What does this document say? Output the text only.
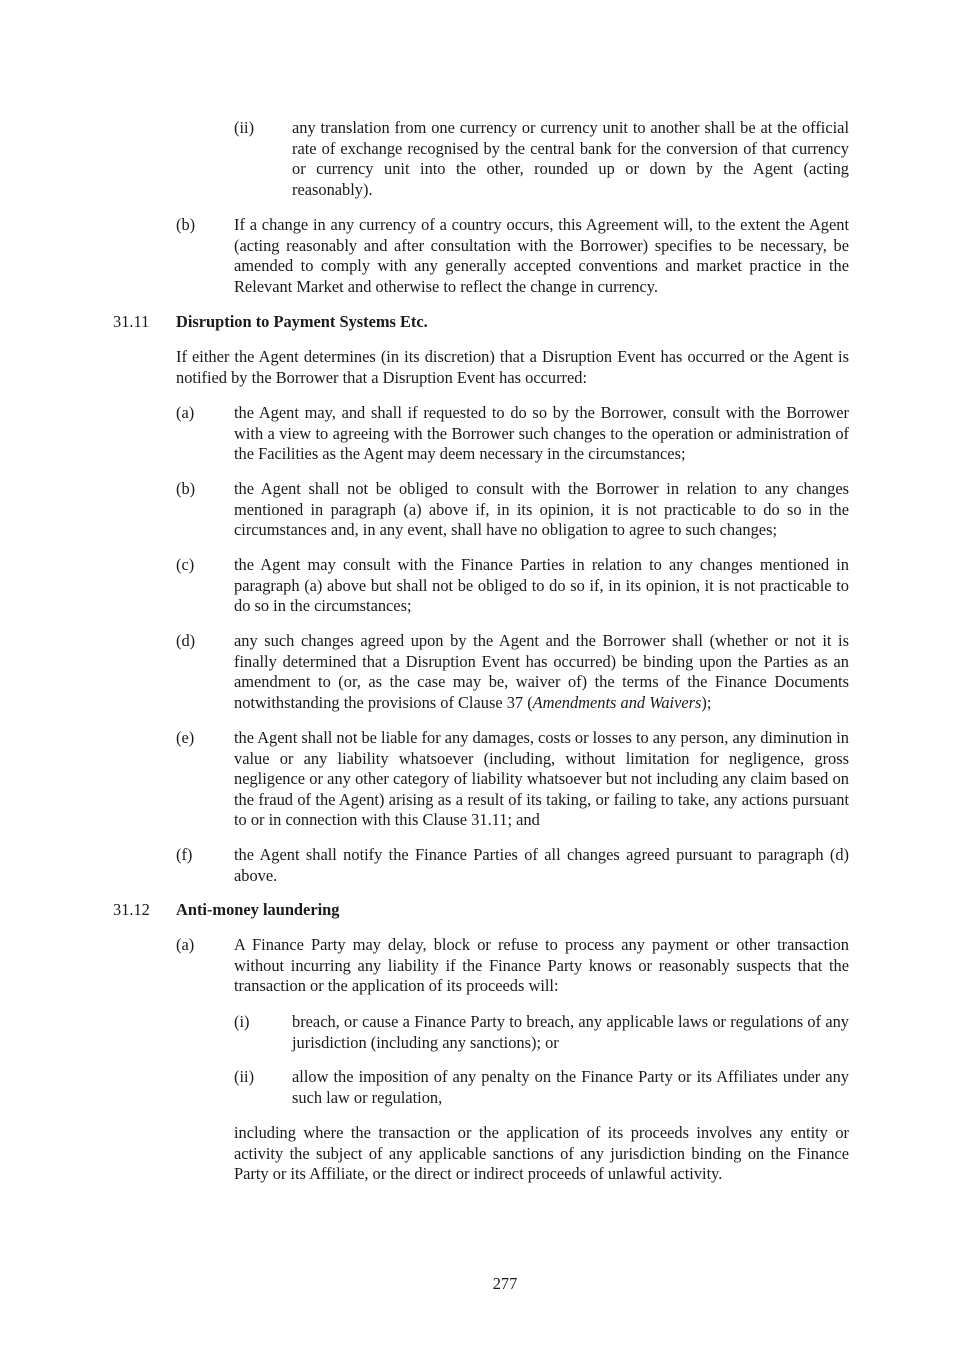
(ii) any translation from one currency or currency unit to another shall be at the official rate of exchange recognised by the central bank for the conversion of that currency or currency unit into the other, rounded up or down by the Agent (acting reasonably).

(b) If a change in any currency of a country occurs, this Agreement will, to the extent the Agent (acting reasonably and after consultation with the Borrower) specifies to be necessary, be amended to comply with any generally accepted conventions and market practice in the Relevant Market and otherwise to reflect the change in currency.

31.11 Disruption to Payment Systems Etc.

If either the Agent determines (in its discretion) that a Disruption Event has occurred or the Agent is notified by the Borrower that a Disruption Event has occurred:

(a) the Agent may, and shall if requested to do so by the Borrower, consult with the Borrower with a view to agreeing with the Borrower such changes to the operation or administration of the Facilities as the Agent may deem necessary in the circumstances;

(b) the Agent shall not be obliged to consult with the Borrower in relation to any changes mentioned in paragraph (a) above if, in its opinion, it is not practicable to do so in the circumstances and, in any event, shall have no obligation to agree to such changes;

(c) the Agent may consult with the Finance Parties in relation to any changes mentioned in paragraph (a) above but shall not be obliged to do so if, in its opinion, it is not practicable to do so in the circumstances;

(d) any such changes agreed upon by the Agent and the Borrower shall (whether or not it is finally determined that a Disruption Event has occurred) be binding upon the Parties as an amendment to (or, as the case may be, waiver of) the terms of the Finance Documents notwithstanding the provisions of Clause 37 (Amendments and Waivers);

(e) the Agent shall not be liable for any damages, costs or losses to any person, any diminution in value or any liability whatsoever (including, without limitation for negligence, gross negligence or any other category of liability whatsoever but not including any claim based on the fraud of the Agent) arising as a result of its taking, or failing to take, any actions pursuant to or in connection with this Clause 31.11; and

(f)	the Agent shall notify the Finance Parties of all changes agreed pursuant to paragraph (d) above.

31.12 Anti-money laundering
(a) A Finance Party may delay, block or refuse to process any payment or other transaction without incurring any liability if the Finance Party knows or reasonably suspects that the transaction or the application of its proceeds will:

(i)	breach, or cause a Finance Party to breach, any applicable laws or regulations of any jurisdiction (including any sanctions); or

(ii) allow the imposition of any penalty on the Finance Party or its Affiliates under any such law or regulation,

including where the transaction or the application of its proceeds involves any entity or activity the subject of any applicable sanctions of any jurisdiction binding on the Finance Party or its Affiliate, or the direct or indirect proceeds of unlawful activity.

277
